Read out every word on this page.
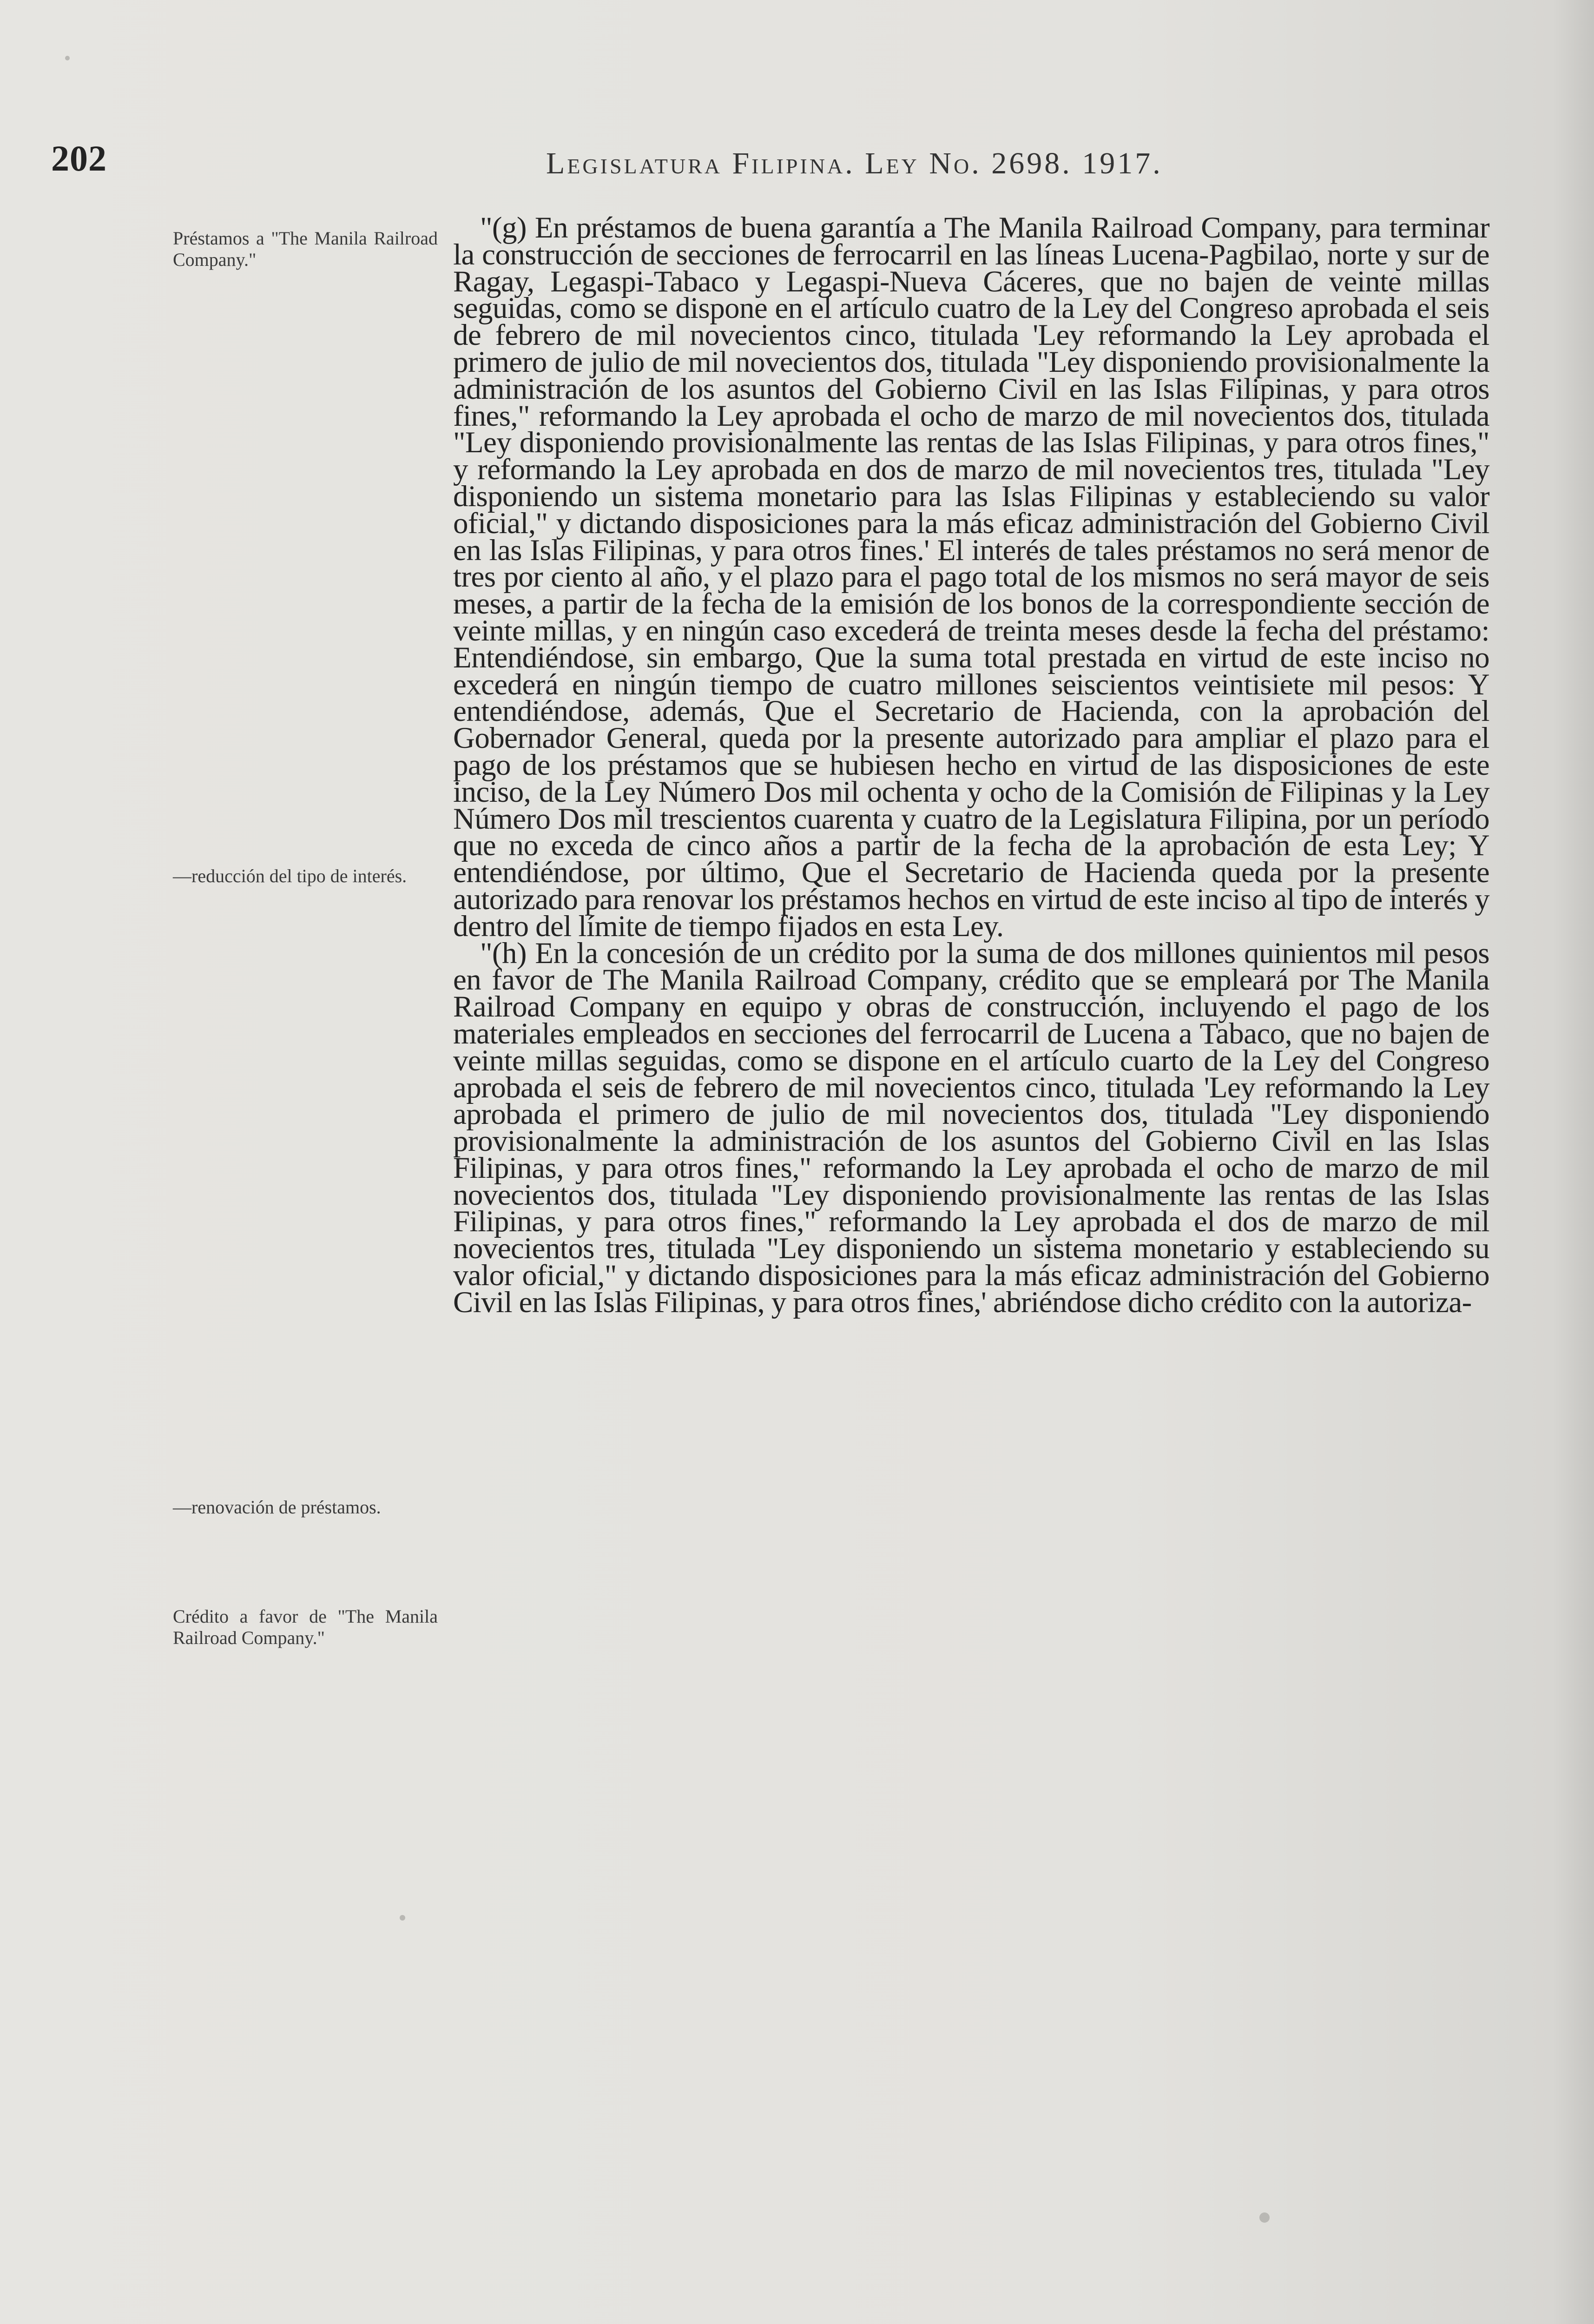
202	Legislatura Filipina. Ley No. 2698. 1917.
Préstamos a "The Manila Railroad Company."
—reducción del tipo de interés.
—renovación de préstamos.
Crédito a favor de "The Manila Railroad Company."

"(g) En préstamos de buena garantía a The Manila Railroad Company, para terminar la construcción de secciones de ferrocarril en las líneas Lucena-Pagbilao, norte y sur de Ragay, Legaspi-Tabaco y Legaspi-Nueva Cáceres, que no bajen de veinte millas seguidas, como se dispone en el artículo cuatro de la Ley del Congreso aprobada el seis de febrero de mil novecientos cinco, titulada 'Ley reformando la Ley aprobada el primero de julio de mil novecientos dos, titulada "Ley disponiendo provisionalmente la administración de los asuntos del Gobierno Civil en las Islas Filipinas, y para otros fines," reformando la Ley aprobada el ocho de marzo de mil novecientos dos, titulada "Ley disponiendo provisionalmente las rentas de las Islas Filipinas, y para otros fines," y reformando la Ley aprobada en dos de marzo de mil novecientos tres, titulada "Ley disponiendo un sistema monetario para las Islas Filipinas y estableciendo su valor oficial," y dictando disposiciones para la más eficaz administración del Gobierno Civil en las Islas Filipinas, y para otros fines.' El interés de tales préstamos no será menor de tres por ciento al año, y el plazo para el pago total de los mismos no será mayor de seis meses, a partir de la fecha de la emisión de los bonos de la correspondiente sección de veinte millas, y en ningún caso excederá de treinta meses desde la fecha del préstamo: Entendiéndose, sin embargo, Que la suma total prestada en virtud de este inciso no excederá en ningún tiempo de cuatro millones seiscientos veintisiete mil pesos: Y entendiéndose, además, Que el Secretario de Hacienda, con la aprobación del Gobernador General, queda por la presente autorizado para ampliar el plazo para el pago de los préstamos que se hubiesen hecho en virtud de las disposiciones de este inciso, de la Ley Número Dos mil ochenta y ocho de la Comisión de Filipinas y la Ley Número Dos mil trescientos cuarenta y cuatro de la Legislatura Filipina, por un período que no exceda de cinco años a partir de la fecha de la aprobación de esta Ley; Y entendiéndose, por último, Que el Secretario de Hacienda queda por la presente autorizado para renovar los préstamos hechos en virtud de este inciso al tipo de interés y dentro del límite de tiempo fijados en esta Ley.

"(h) En la concesión de un crédito por la suma de dos millones quinientos mil pesos en favor de The Manila Railroad Company, crédito que se empleará por The Manila Railroad Company en equipo y obras de construcción, incluyendo el pago de los materiales empleados en secciones del ferrocarril de Lucena a Tabaco, que no bajen de veinte millas seguidas, como se dispone en el artículo cuarto de la Ley del Congreso aprobada el seis de febrero de mil novecientos cinco, titulada 'Ley reformando la Ley aprobada el primero de julio de mil novecientos dos, titulada "Ley disponiendo provisionalmente la administración de los asuntos del Gobierno Civil en las Islas Filipinas, y para otros fines," reformando la Ley aprobada el ocho de marzo de mil novecientos dos, titulada "Ley disponiendo provisionalmente las rentas de las Islas Filipinas, y para otros fines," reformando la Ley aprobada el dos de marzo de mil novecientos tres, titulada "Ley disponiendo un sistema monetario y estableciendo su valor oficial," y dictando disposiciones para la más eficaz administración del Gobierno Civil en las Islas Filipinas, y para otros fines,' abriéndose dicho crédito con la autoriza-
